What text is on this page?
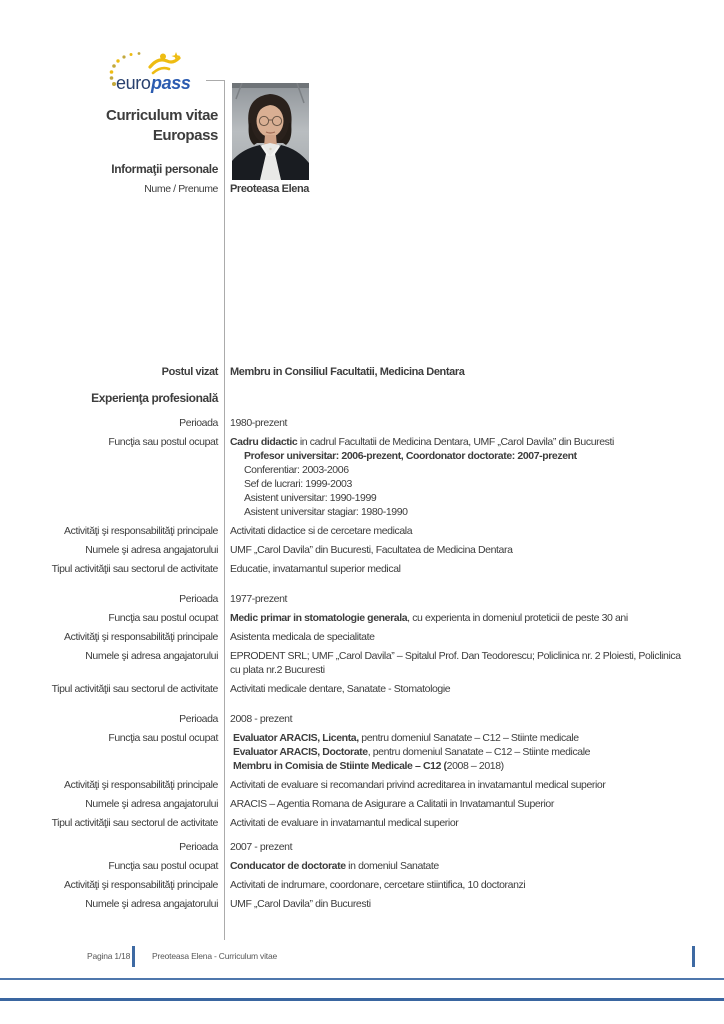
euro pass
Curriculum vitae
Europass
Informaţii personale
Nume / Prenume Preoteasa Elena
Postul vizat Membru in Consiliul Facultatii, Medicina Dentara
Experienţa profesională
Perioada 1980-prezent
Funcţia sau postul ocupat Cadru didactic in cadrul Facultatii de Medicina Dentara, UMF „Carol Davila” din Bucuresti
Profesor universitar: 2006-prezent, Coordonator doctorate: 2007-prezent
Conferentiar: 2003-2006
Sef de lucrari: 1999-2003
Asistent universitar: 1990-1999
Asistent universitar stagiar: 1980-1990
Activităţi şi responsabilităţi principale Activitati didactice si de cercetare medicala
Numele şi adresa angajatorului UMF „Carol Davila” din Bucuresti, Facultatea de Medicina Dentara
Tipul activităţii sau sectorul de activitate Educatie, invatamantul superior medical
Perioada 1977-prezent
Funcţia sau postul ocupat Medic primar in stomatologie generala, cu experienta in domeniul proteticii de peste 30 ani
Activităţi şi responsabilităţi principale Asistenta medicala de specialitate
Numele şi adresa angajatorului EPRODENT SRL; UMF „Carol Davila” – Spitalul Prof. Dan Teodorescu; Policlinica nr. 2 Ploiesti, Policlinica cu plata nr.2 Bucuresti
Tipul activităţii sau sectorul de activitate Activitati medicale dentare, Sanatate - Stomatologie
Perioada 2008 - prezent
Funcţia sau postul ocupat Evaluator ARACIS, Licenta, pentru domeniul Sanatate – C12 – Stiinte medicale
Evaluator ARACIS, Doctorate, pentru domeniul Sanatate – C12 – Stiinte medicale
Membru in Comisia de Stiinte Medicale – C12 (2008 – 2018)
Activităţi şi responsabilităţi principale Activitati de evaluare si recomandari privind acreditarea in invatamantul medical superior
Numele şi adresa angajatorului ARACIS – Agentia Romana de Asigurare a Calitatii in Invatamantul Superior
Tipul activităţii sau sectorul de activitate Activitati de evaluare in invatamantul medical superior
Perioada 2007 - prezent
Funcţia sau postul ocupat Conducator de doctorate in domeniul Sanatate
Activităţi şi responsabilităţi principale Activitati de indrumare, coordonare, cercetare stiintifica, 10 doctoranzi
Numele şi adresa angajatorului UMF „Carol Davila” din Bucuresti
Pagina 1/18	Preoteasa Elena - Curriculum vitae
